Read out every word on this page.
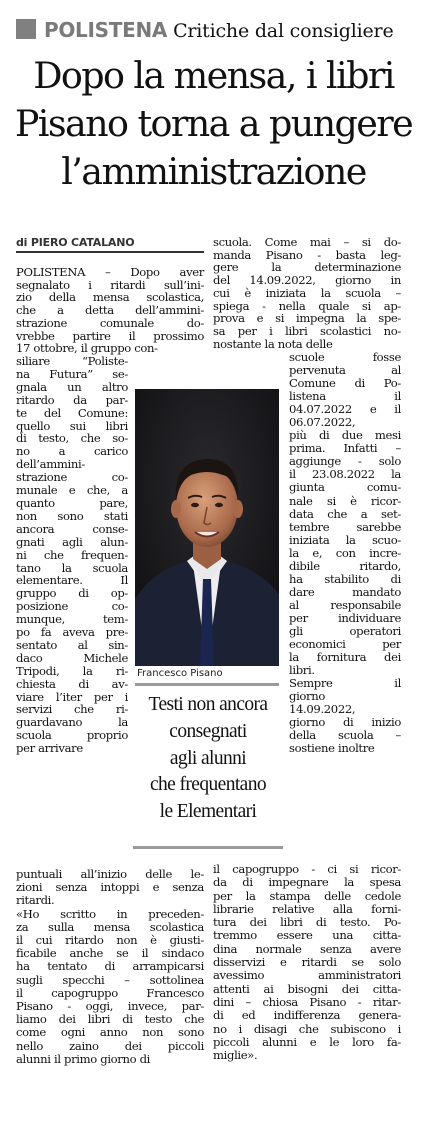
POLISTENA Critiche dal consigliere
Dopo la mensa, i libri
Pisano torna a pungere
l’amministrazione
di PIERO CATALANO
POLISTENA – Dopo aver
segnalato i ritardi sull’ini-
zio della mensa scolastica,
che a detta dell’ammini-
strazione comunale do-
vrebbe partire il prossimo
17 ottobre, il gruppo con-
siliare “Poliste-
na Futura” se-
gnala un altro
ritardo da par-
te del Comune:
quello sui libri
di testo, che so-
no a carico
dell’ammini-
strazione co-
munale e che, a
quanto pare,
non sono stati
ancora conse-
gnati agli alun-
ni che frequen-
tano la scuola
elementare. Il
gruppo di op-
posizione co-
munque, tem-
po fa aveva pre-
sentato al sin-
daco Michele
Tripodi, la ri-
chiesta di av-
viare l’iter per i
servizi che ri-
guardavano la
scuola proprio
per arrivare
puntuali all’inizio delle le-
zioni senza intoppi e senza
ritardi.
«Ho scritto in preceden-
za sulla mensa scolastica
il cui ritardo non è giusti-
ficabile anche se il sindaco
ha tentato di arrampicarsi
sugli specchi – sottolinea
il capogruppo Francesco
Pisano - oggi, invece, par-
liamo dei libri di testo che
come ogni anno non sono
nello zaino dei piccoli
alunni il primo giorno di
scuola. Come mai – si do-
manda Pisano - basta leg-
gere la determinazione
del 14.09.2022, giorno in
cui è iniziata la scuola –
spiega - nella quale si ap-
prova e si impegna la spe-
sa per i libri scolastici no-
nostante la nota delle
scuole fosse
pervenuta al
Comune di Po-
listena il
04.07.2022 e il
06.07.2022,
più di due mesi
prima. Infatti –
aggiunge - solo
il 23.08.2022 la
giunta comu-
nale si è ricor-
data che a set-
tembre sarebbe
iniziata la scuo-
la e, con incre-
dibile ritardo,
ha stabilito di
dare mandato
al responsabile
per individuare
gli operatori
economici per
la fornitura dei
libri.
Sempre il
giorno
14.09.2022,
giorno di inizio
della scuola –
sostiene inoltre
il capogruppo - ci si ricor-
da di impegnare la spesa
per la stampa delle cedole
librarie relative alla forni-
tura dei libri di testo. Po-
tremmo essere una citta-
dina normale senza avere
disservizi e ritardi se solo
avessimo amministratori
attenti ai bisogni dei citta-
dini – chiosa Pisano - ritar-
di ed indifferenza genera-
no i disagi che subiscono i
piccoli alunni e le loro fa-
miglie».
Francesco Pisano
Testi non ancora
consegnati
agli alunni
che frequentano
le Elementari
